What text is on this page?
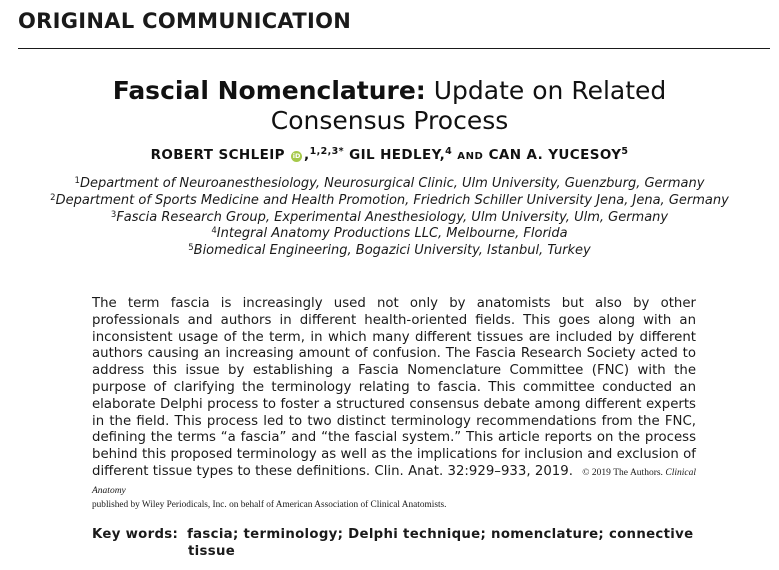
ORIGINAL COMMUNICATION
Fascial Nomenclature: Update on Related
Consensus Process
ROBERT SCHLEIP iD ,$^{1,2,3*}$ GIL HEDLEY,$^4$ AND CAN A. YUCESOY$^5$
$^1$Department of Neuroanesthesiology, Neurosurgical Clinic, Ulm University, Guenzburg, Germany
$^2$Department of Sports Medicine and Health Promotion, Friedrich Schiller University Jena, Jena, Germany
$^3$Fascia Research Group, Experimental Anesthesiology, Ulm University, Ulm, Germany
$^4$Integral Anatomy Productions LLC, Melbourne, Florida
$^5$Biomedical Engineering, Bogazici University, Istanbul, Turkey
The term fascia is increasingly used not only by anatomists but also by other professionals and authors in different health-oriented fields. This goes along with an inconsistent usage of the term, in which many different tissues are included by different authors causing an increasing amount of confusion. The Fascia Research Society acted to address this issue by establishing a Fascia Nomenclature Committee (FNC) with the purpose of clarifying the terminology relating to fascia. This committee conducted an elaborate Delphi process to foster a structured consensus debate among different experts in the field. This process led to two distinct terminology recommendations from the FNC, defining the terms “a fascia” and “the fascial system.” This article reports on the process behind this proposed terminology as well as the implications for inclusion and exclusion of different tissue types to these definitions. Clin. Anat. 32:929–933, 2019. © 2019 The Authors. Clinical Anatomy
published by Wiley Periodicals, Inc. on behalf of American Association of Clinical Anatomists.
Key words: fascia; terminology; Delphi technique; nomenclature; connective
tissue
